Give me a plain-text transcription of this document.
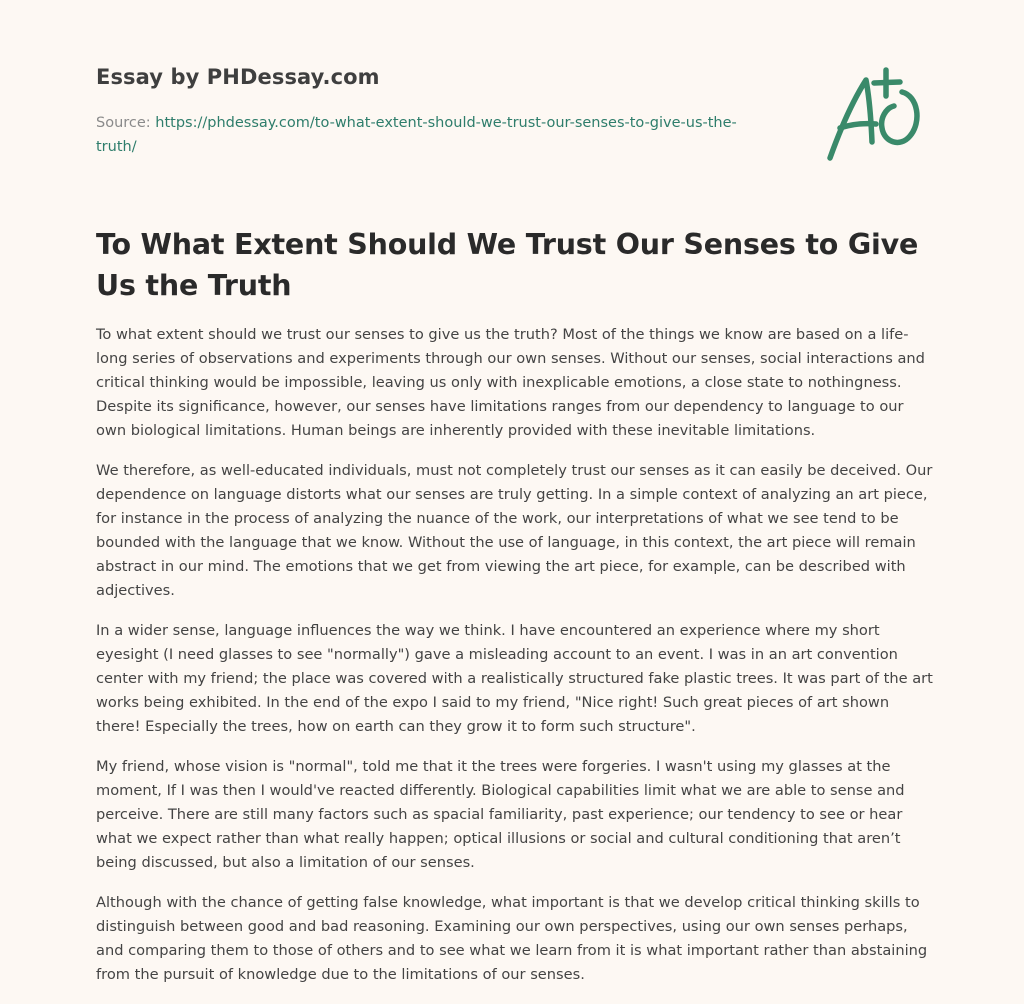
Essay by PHDessay.com
Source: https://phdessay.com/to-what-extent-should-we-trust-our-senses-to-give-us-the-truth/
To What Extent Should We Trust Our Senses to Give Us the Truth

To what extent should we trust our senses to give us the truth? Most of the things we know are based on a life-long series of observations and experiments through our own senses. Without our senses, social interactions and critical thinking would be impossible, leaving us only with inexplicable emotions, a close state to nothingness. Despite its significance, however, our senses have limitations ranges from our dependency to language to our own biological limitations. Human beings are inherently provided with these inevitable limitations.

We therefore, as well-educated individuals, must not completely trust our senses as it can easily be deceived. Our dependence on language distorts what our senses are truly getting. In a simple context of analyzing an art piece, for instance in the process of analyzing the nuance of the work, our interpretations of what we see tend to be bounded with the language that we know. Without the use of language, in this context, the art piece will remain abstract in our mind. The emotions that we get from viewing the art piece, for example, can be described with adjectives.

In a wider sense, language influences the way we think. I have encountered an experience where my short eyesight (I need glasses to see "normally") gave a misleading account to an event. I was in an art convention center with my friend; the place was covered with a realistically structured fake plastic trees. It was part of the art works being exhibited. In the end of the expo I said to my friend, "Nice right! Such great pieces of art shown there! Especially the trees, how on earth can they grow it to form such structure".

My friend, whose vision is "normal", told me that it the trees were forgeries. I wasn't using my glasses at the moment, If I was then I would've reacted differently. Biological capabilities limit what we are able to sense and perceive. There are still many factors such as spacial familiarity, past experience; our tendency to see or hear what we expect rather than what really happen; optical illusions or social and cultural conditioning that aren’t being discussed, but also a limitation of our senses.

Although with the chance of getting false knowledge, what important is that we develop critical thinking skills to distinguish between good and bad reasoning. Examining our own perspectives, using our own senses perhaps, and comparing them to those of others and to see what we learn from it is what important rather than abstaining from the pursuit of knowledge due to the limitations of our senses.
